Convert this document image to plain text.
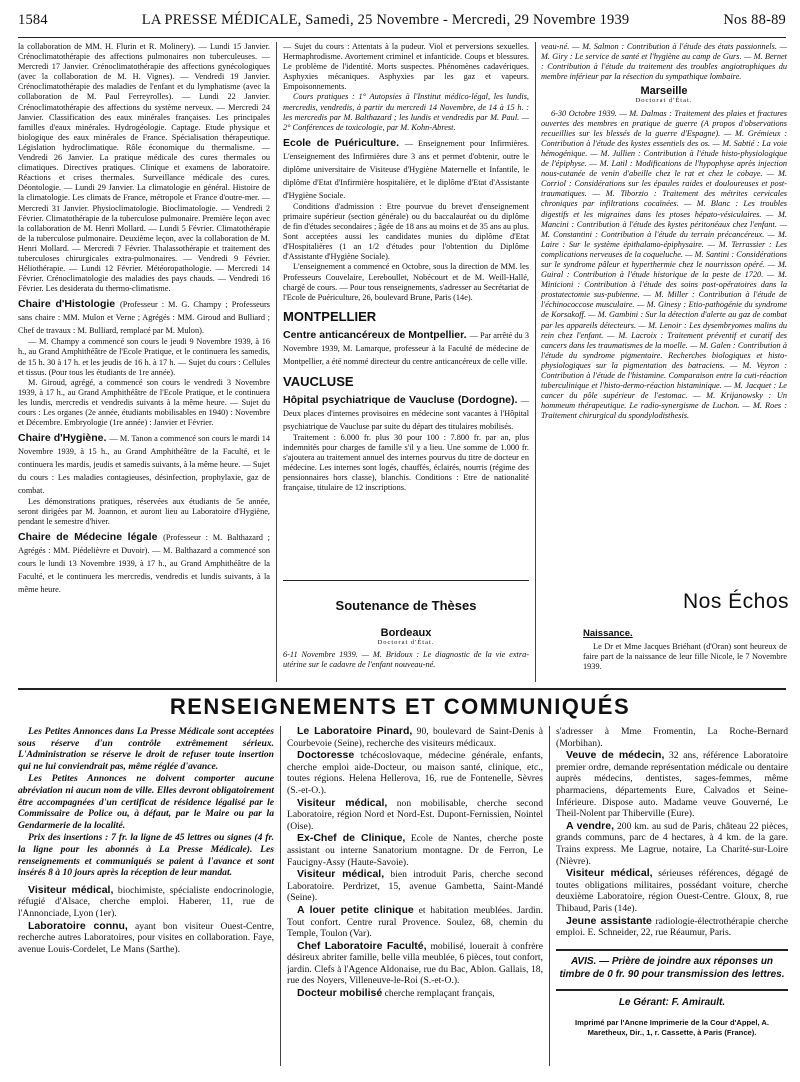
1584	LA PRESSE MÉDICALE, Samedi, 25 Novembre - Mercredi, 29 Novembre 1939	Nos 88-89

la collaboration de MM. H. Flurin et R. Molinery). — Lundi 15 Janvier. Crénoclimatothérapie des affections pulmonaires non tuberculeuses. — Mercredi 17 Janvier. Crénoclimatothérapie des affections gynécologiques (avec la collaboration de M. H. Vignes). — Vendredi 19 Janvier. Crénoclimatothérapie des maladies de l'enfant et du lymphatisme (avec la collaboration de M. Paul Ferreyrolles). — Lundi 22 Janvier. Crénoclimatothérapie des affections du système nerveux. — Mercredi 24 Janvier. Classification des eaux minérales françaises. Les principales familles d'eaux minérales. Hydrogéologie. Captage. Etude physique et biologique des eaux minérales de France. Spécialisation thérapeutique. Législation hydroclimatique. Rôle économique du thermalisme. — Vendredi 26 Janvier. La pratique médicale des cures thermales ou climatiques. Directives pratiques. Clinique et examens de laboratoire. Réactions et crises thermales. Surveillance médicale des cures. Déontologie. — Lundi 29 Janvier. La climatologie en général. Histoire de la climatologie. Les climats de France, métropole et France d'outre-mer. — Mercredi 31 Janvier. Physioclimatologie. Bioclimatologie. — Vendredi 2 Février. Climatothérapie de la tuberculose pulmonaire. Première leçon avec la collaboration de M. Henri Mollard. — Lundi 5 Février. Climatothérapie de la tuberculose pulmonaire. Deuxième leçon, avec la collaboration de M. Henri Mollard. — Mercredi 7 Février. Thalassothérapie et traitement des tuberculoses chirurgicales extra-pulmonaires. — Vendredi 9 Février. Héliothérapie. — Lundi 12 Février. Météoropathologie. — Mercredi 14 Février. Crénoclimatologie des maladies des pays chauds. — Vendredi 16 Février. Les desiderata du thermo-climatisme.

Chaire d'Histologie (Professeur : M. G. Champy ; Professeurs sans chaire : MM. Mulon et Verne ; Agrégés : MM. Giroud and Bulliard ; Chef de travaux : M. Bulliard, remplacé par M. Mulon).

— M. Champy a commencé son cours le jeudi 9 Novembre 1939, à 16 h., au Grand Amphithéâtre de l'Ecole Pratique, et le continuera les samedis, de 15 h. 30 à 17 h. et les jeudis de 16 h. à 17 h. — Sujet du cours : Cellules et tissus. (Pour tous les étudiants de 1re année).

M. Giroud, agrégé, a commencé son cours le vendredi 3 Novembre 1939, à 17 h., au Grand Amphithéâtre de l'Ecole Pratique, et le continuera les lundis, mercredis et vendredis suivants à la même heure. — Sujet du cours : Les organes (2e année, étudiants mobilisables en 1940) : Novembre et Décembre. Embryologie (1re année) : Janvier et Février.

Chaire d'Hygiène. — M. Tanon a commencé son cours le mardi 14 Novembre 1939, à 15 h., au Grand Amphithéâtre de la Faculté, et le continuera les mardis, jeudis et samedis suivants, à la même heure. — Sujet du cours : Les maladies contagieuses, désinfection, prophylaxie, gaz de combat.

Les démonstrations pratiques, réservées aux étudiants de 5e année, seront dirigées par M. Joannon, et auront lieu au Laboratoire d'Hygiène, pendant le semestre d'hiver.

Chaire de Médecine légale (Professeur : M. Balthazard ; Agrégés : MM. Piédelièvre et Duvoir). — M. Balthazard a commencé son cours le lundi 13 Novembre 1939, à 17 h., au Grand Amphithéâtre de la Faculté, et le continuera les mercredis, vendredis et lundis suivants, à la même heure.

— Sujet du cours : Attentats à la pudeur. Viol et perversions sexuelles. Hermaphrodisme. Avortement criminel et infanticide. Coups et blessures. Le problème de l'identité. Morts suspectes. Phénomènes cadavériques. Asphyxies mécaniques. Asphyxies par les gaz et vapeurs. Empoisonnements.

Cours pratiques : 1° Autopsies à l'Institut médico-légal, les lundis, mercredis, vendredis, à partir du mercredi 14 Novembre, de 14 à 15 h. : les mercredis par M. Balthazard ; les lundis et vendredis par M. Paul. — 2° Conférences de toxicologie, par M. Kohn-Abrest.

Ecole de Puériculture. — Enseignement pour Infirmières. L'enseignement des Infirmières dure 3 ans et permet d'obtenir, outre le diplôme universitaire de Visiteuse d'Hygiène Maternelle et Infantile, le diplôme d'Etat d'Infirmière hospitalière, et le diplôme d'Etat d'Assistante d'Hygiène Sociale.

Conditions d'admission : Etre pourvue du brevet d'enseignement primaire supérieur (section générale) ou du baccalauréat ou du diplôme de fin d'études secondaires ; âgée de 18 ans au moins et de 35 ans au plus. Sont acceptées aussi les candidates munies du diplôme d'Etat d'Hospitalières (1 an 1/2 d'études pour l'obtention du Diplôme d'Assistante d'Hygiène Sociale).

L'enseignement a commencé en Octobre, sous la direction de MM. les Professeurs Couvelaire, Lereboullet, Nobécourt et de M. Weill-Hallé, chargé de cours. — Pour tous renseignements, s'adresser au Secrétariat de l'Ecole de Puériculture, 26, boulevard Brune, Paris (14e).

MONTPELLIER
Centre anticancéreux de Montpellier. — Par arrêté du 3 Novembre 1939, M. Lamarque, professeur à la Faculté de médecine de Montpellier, a été nommé directeur du centre anticancéreux de celle ville.
VAUCLUSE
Hôpital psychiatrique de Vaucluse (Dordogne). — Deux places d'internes provisoires en médecine sont vacantes à l'Hôpital psychiatrique de Vaucluse par suite du départ des titulaires mobilisés.

Traitement : 6.000 fr. plus 30 pour 100 : 7.800 fr. par an, plus indemnités pour charges de famille s'il y a lieu. Une somme de 1.000 fr. s'ajoutera au traitement annuel des internes pourvus du titre de docteur en médecine. Les internes sont logés, chauffés, éclairés, nourris (régime des pensionnaires hors classe), blanchis. Conditions : Etre de nationalité française, titulaire de 12 inscriptions.

Soutenance de Thèses
Bordeaux
Doctorat d'État.

6-11 Novembre 1939. — M. Bridoux : Le diagnostic de la vie extra-utérine sur le cadavre de l'enfant nouveau-né.

veau-né. — M. Salmon : Contribution à l'étude des états passionnels. — M. Giry : Le service de santé et l'hygiène au camp de Gurs. — M. Bernet : Contribution à l'étude du traitement des troubles angiotrophiques du membre inférieur par la résection du sympathique lombaire.

Marseille
Doctorat d'État.

6-30 Octobre 1939. — M. Dalmas : Traitement des plaies et fractures ouvertes des membres en pratique de guerre (A propos d'observations recueillies sur les blessés de la guerre d'Espagne). — M. Grémieux : Contribution à l'étude des kystes essentiels des os. — M. Sabtié : La voie hémogénique. — M. Jullien : Contribution à l'étude histo-physiologique de l'épiphyse. — M. Latil : Modifications de l'hypophyse après injection nous-cutanée de venin d'abeille chez le rat et chez le cobaye. — M. Corriol : Considérations sur les épaules raides et douloureuses et post-traumatiques. — M. Tiborzio : Traitement des métrites cervicales chroniques par infiltrations cocaïnées. — M. Blanc : Les troubles digestifs et les migraines dans les ptoses hépato-vésiculaires. — M. Mancini : Contribution à l'étude des kystes péritonéaux chez l'enfant. — M. Constantini : Contribution à l'étude du terrain précancéreux. — M. Laire : Sur le système épithalamo-épiphysaire. — M. Terrassier : Les complications nerveuses de la coqueluche. — M. Santini : Considérations sur le syndrome pâleur et hyperthermie chez le nourrisson opéré. — M. Guiral : Contribution à l'étude historique de la peste de 1720. — M. Minicioni : Contribution à l'étude des soins post-opératoires dans la prostatectomie sus-pubienne. — M. Miller : Contribution à l'étude de l'échinococcose musculaire. — M. Ginesy : Etio-pathogénie du syndrome de Korsakoff. — M. Gambini : Sur la détection d'alerte au gaz de combat par les appareils détecteurs. — M. Lenoir : Les dysembryomes malins du rein chez l'enfant. — M. Lacroix : Traitement préventif et curatif des cancers dans les traumatismes de la moelle. — M. Galen : Contribution à l'étude du syndrome pigmentaire. Recherches biologiques et histo-physiologiques sur la pigmentation des batraciens. — M. Veyron : Contribution à l'étude de l'histamine. Comparaison entre la cuti-réaction tuberculinique et l'histo-dermo-réaction histaminique. — M. Jacquet : Le cancer du pôle supérieur de l'estomac. — M. Krijanowsky : Un hommeum thérapeutique. Le radio-synergisme de Luchon. — M. Roes : Traitement chirurgical du spondylodisthesis.

Nos Échos
Naissance.

Le Dr et Mme Jacques Briéhant (d'Oran) sont heureux de faire part de la naissance de leur fille Nicole, le 7 Novembre 1939.

RENSEIGNEMENTS ET COMMUNIQUÉS

Les Petites Annonces dans La Presse Médicale sont acceptées sous réserve d'un contrôle extrêmement sérieux. L'Administration se réserve le droit de refuser toute insertion qui ne lui conviendrait pas, même réglée d'avance.

Les Petites Annonces ne doivent comporter aucune abréviation ni aucun nom de ville. Elles devront obligatoirement être accompagnées d'un certificat de résidence légalisé par le Commissaire de Police ou, à défaut, par le Maire ou par la Gendarmerie de la localité.

Prix des insertions : 7 fr. la ligne de 45 lettres ou signes (4 fr. la ligne pour les abonnés à La Presse Médicale). Les renseignements et communiqués se paient à l'avance et sont insérés 8 à 10 jours après la réception de leur mandat.

Visiteur médical, biochimiste, spécialiste endocrinologie, réfugié d'Alsace, cherche emploi. Haberer, 11, rue de l'Annonciade, Lyon (1er).

Laboratoire connu, ayant bon visiteur Ouest-Centre, recherche autres Laboratoires, pour visites en collaboration. Faye, avenue Louis-Cordelet, Le Mans (Sarthe).

Le Laboratoire Pinard, 90, boulevard de Saint-Denis à Courbevoie (Seine), recherche des visiteurs médicaux.

Doctoresse tchécoslovaque, médecine générale, enfants, cherche emploi aide-Docteur, ou maison santé, clinique, etc., toutes régions. Helena Hellerova, 16, rue de Fontenelle, Sèvres (S.-et-O.).

Visiteur médical, non mobilisable, cherche second Laboratoire, région Nord et Nord-Est. Dupont-Fernissien, Nointel (Oise).

Ex-Chef de Clinique, Ecole de Nantes, cherche poste assistant ou interne Sanatorium montagne. Dr de Ferron, Le Faucigny-Assy (Haute-Savoie).

Visiteur médical, bien introduit Paris, cherche second Laboratoire. Perdrizet, 15, avenue Gambetta, Saint-Mandé (Seine).

A louer petite clinique et habitation meublées. Jardin. Tout confort. Centre rural Provence. Soulez, 68, chemin du Temple, Toulon (Var).

Chef Laboratoire Faculté, mobilisé, louerait à confrère désireux abriter famille, belle villa meublée, 6 pièces, tout confort, jardin. Clefs à l'Agence Aldonaise, rue du Bac, Ablon. Gallais, 18, rue des Noyers, Villeneuve-le-Roi (S.-et-O.).

Docteur mobilisé cherche remplaçant français,

s'adresser à Mme Fromentin, La Roche-Bernard (Morbihan).

Veuve de médecin, 32 ans, référence Laboratoire premier ordre, demande représentation médicale ou dentaire auprès médecins, dentistes, sages-femmes, même pharmaciens, départements Eure, Calvados et Seine-Inférieure. Dispose auto. Madame veuve Gouverné, Le Theil-Nolent par Thiberville (Eure).

A vendre, 200 km. au sud de Paris, château 22 pièces, grands communs, parc de 4 hectares, à 4 km. de la gare. Trains express. Me Lagrue, notaire, La Charité-sur-Loire (Nièvre).

Visiteur médical, sérieuses références, dégagé de toutes obligations militaires, possédant voiture, cherche deuxième Laboratoire, région Ouest-Centre. Gloux, 8, rue Thibaud, Paris (14e).

Jeune assistante radiologie-électrothérapie cherche emploi. E. Schneider, 22, rue Réaumur, Paris.

AVIS. — Prière de joindre aux réponses un timbre de 0 fr. 90 pour transmission des lettres.
Le Gérant: F. Amirault.
Imprimé par l'Ancne Imprimerie de la Cour d'Appel, A. Maretheux, Dir., 1, r. Cassette, à Paris (France).
